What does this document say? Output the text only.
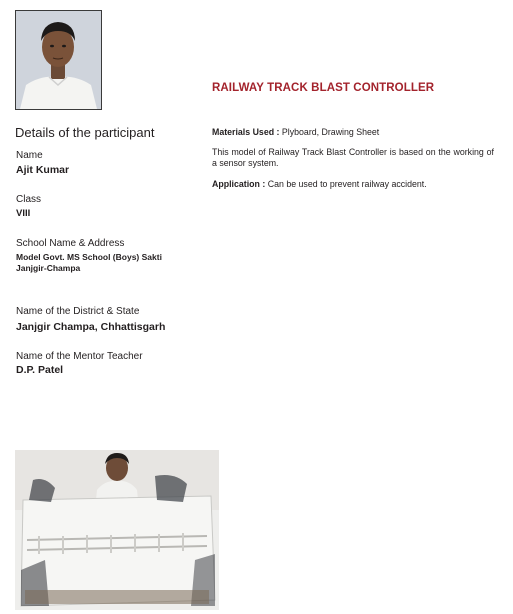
RAILWAY TRACK BLAST CONTROLLER
Details of the participant
Name
Ajit Kumar
Class
VIII
School Name & Address
Model Govt. MS School (Boys) Sakti
Janjgir-Champa
Name of the District & State
Janjgir Champa, Chhattisgarh
Name of the Mentor Teacher
D.P. Patel
Materials Used : Plyboard, Drawing Sheet
This model of Railway Track Blast Controller is based on the working of a sensor system.
Application : Can be used to prevent railway accident.
